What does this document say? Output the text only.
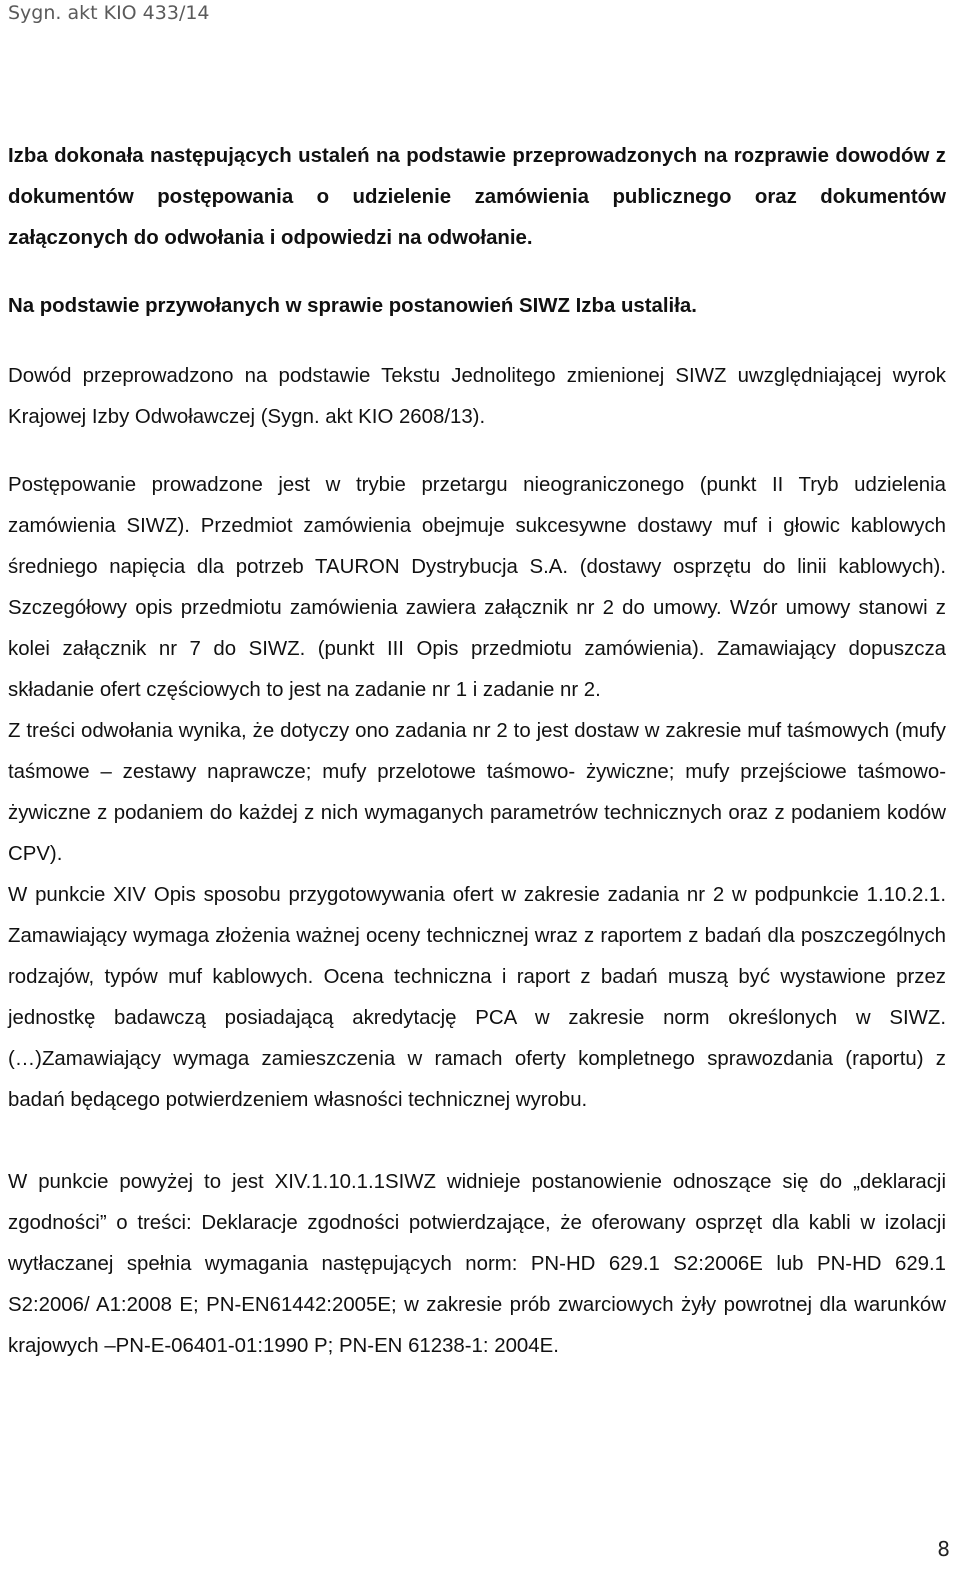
Sygn. akt KIO 433/14

Izba dokonała następujących ustaleń na podstawie przeprowadzonych na rozprawie dowodów z dokumentów postępowania o udzielenie zamówienia publicznego oraz dokumentów załączonych do odwołania i odpowiedzi na odwołanie.

Na podstawie przywołanych w sprawie postanowień SIWZ Izba ustaliła.

Dowód przeprowadzono na podstawie Tekstu Jednolitego zmienionej SIWZ uwzględniającej wyrok Krajowej Izby Odwoławczej (Sygn. akt KIO 2608/13).

Postępowanie prowadzone jest w trybie przetargu nieograniczonego (punkt II Tryb udzielenia zamówienia SIWZ). Przedmiot zamówienia obejmuje sukcesywne dostawy muf i głowic kablowych średniego napięcia dla potrzeb TAURON Dystrybucja S.A. (dostawy osprzętu do linii kablowych). Szczegółowy opis przedmiotu zamówienia zawiera załącznik nr 2 do umowy. Wzór umowy stanowi z kolei załącznik nr 7 do SIWZ. (punkt III Opis przedmiotu zamówienia). Zamawiający dopuszcza składanie ofert częściowych to jest na zadanie nr 1 i zadanie nr 2.

Z treści odwołania wynika, że dotyczy ono zadania nr 2 to jest dostaw w zakresie muf taśmowych (mufy taśmowe – zestawy naprawcze; mufy przelotowe taśmowo- żywiczne; mufy przejściowe taśmowo- żywiczne z podaniem do każdej z nich wymaganych parametrów technicznych oraz z podaniem kodów CPV).

W punkcie XIV Opis sposobu przygotowywania ofert w zakresie zadania nr 2 w podpunkcie 1.10.2.1. Zamawiający wymaga złożenia ważnej oceny technicznej wraz z raportem z badań dla poszczególnych rodzajów, typów muf kablowych. Ocena techniczna i raport z badań muszą być wystawione przez jednostkę badawczą posiadającą akredytację PCA w zakresie norm określonych w SIWZ.(…)Zamawiający wymaga zamieszczenia w ramach oferty kompletnego sprawozdania (raportu) z badań będącego potwierdzeniem własności technicznej wyrobu.

W punkcie powyżej to jest XIV.1.10.1.1SIWZ widnieje postanowienie odnoszące się do „deklaracji zgodności” o treści: Deklaracje zgodności potwierdzające, że oferowany osprzęt dla kabli w izolacji wytłaczanej spełnia wymagania następujących norm: PN-HD 629.1 S2:2006E lub PN-HD 629.1 S2:2006/ A1:2008 E; PN-EN61442:2005E; w zakresie prób zwarciowych żyły powrotnej dla warunków krajowych –PN-E-06401-01:1990 P; PN-EN 61238-1: 2004E.

8
